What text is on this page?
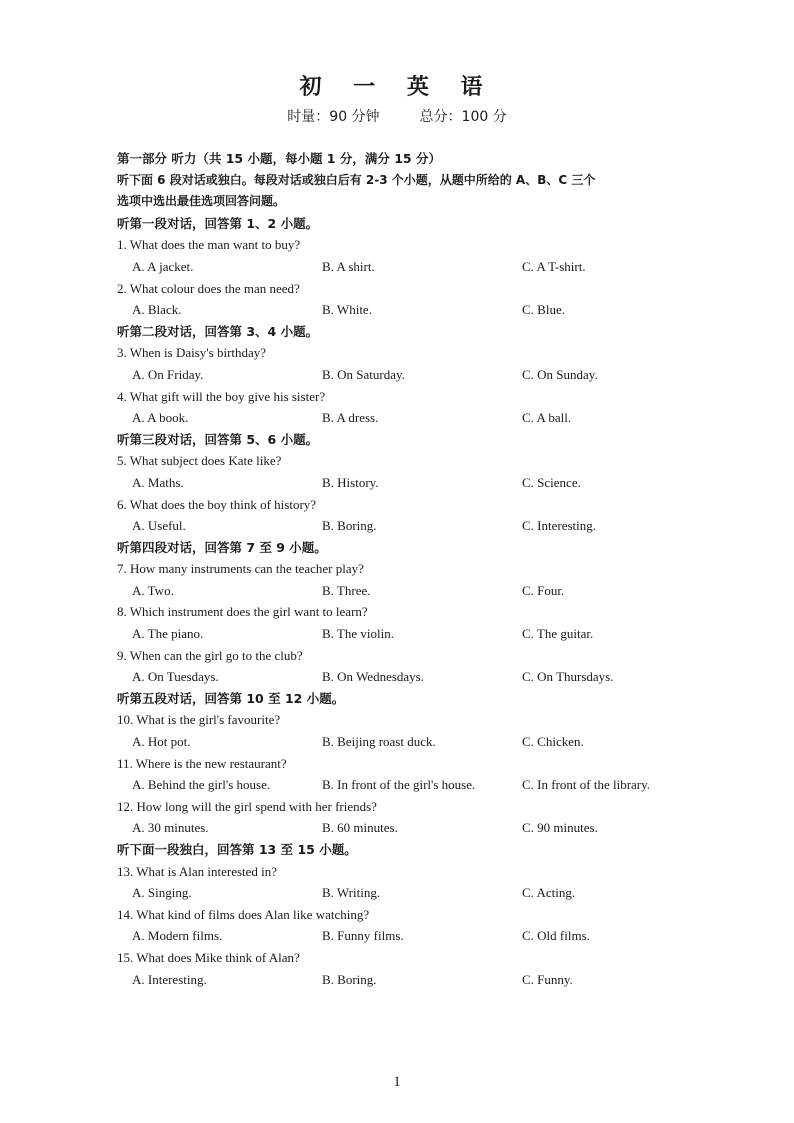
初 一 英 语
时量：90 分钟	总分：100 分
第一部分 听力（共 15 小题，每小题 1 分，满分 15 分）
听下面 6 段对话或独白。每段对话或独白后有 2-3 个小题，从题中所给的 A、B、C 三个
选项中选出最佳选项回答问题。
听第一段对话，回答第 1、2 小题。
1. What does the man want to buy?
A. A jacket.	B. A shirt.	C. A T-shirt.
2. What colour does the man need?
A. Black.	B. White.	C. Blue.
听第二段对话，回答第 3、4 小题。
3. When is Daisy's birthday?
A. On Friday.	B. On Saturday.	C. On Sunday.
4. What gift will the boy give his sister?
A. A book.	B. A dress.	C. A ball.
听第三段对话，回答第 5、6 小题。
5. What subject does Kate like?
A. Maths.	B. History.	C. Science.
6. What does the boy think of history?
A. Useful.	B. Boring.	C. Interesting.
听第四段对话，回答第 7 至 9 小题。
7. How many instruments can the teacher play?
A. Two.	B. Three.	C. Four.
8. Which instrument does the girl want to learn?
A. The piano.	B. The violin.	C. The guitar.
9. When can the girl go to the club?
A. On Tuesdays.	B. On Wednesdays.	C. On Thursdays.
听第五段对话，回答第 10 至 12 小题。
10. What is the girl's favourite?
A. Hot pot.	B. Beijing roast duck.	C. Chicken.
11. Where is the new restaurant?
A. Behind the girl's house.	B. In front of the girl's house.	C. In front of the library.
12. How long will the girl spend with her friends?
A. 30 minutes.	B. 60 minutes.	C. 90 minutes.
听下面一段独白，回答第 13 至 15 小题。
13. What is Alan interested in?
A. Singing.	B. Writing.	C. Acting.
14. What kind of films does Alan like watching?
A. Modern films.	B. Funny films.	C. Old films.
15. What does Mike think of Alan?
A. Interesting.	B. Boring.	C. Funny.
1
